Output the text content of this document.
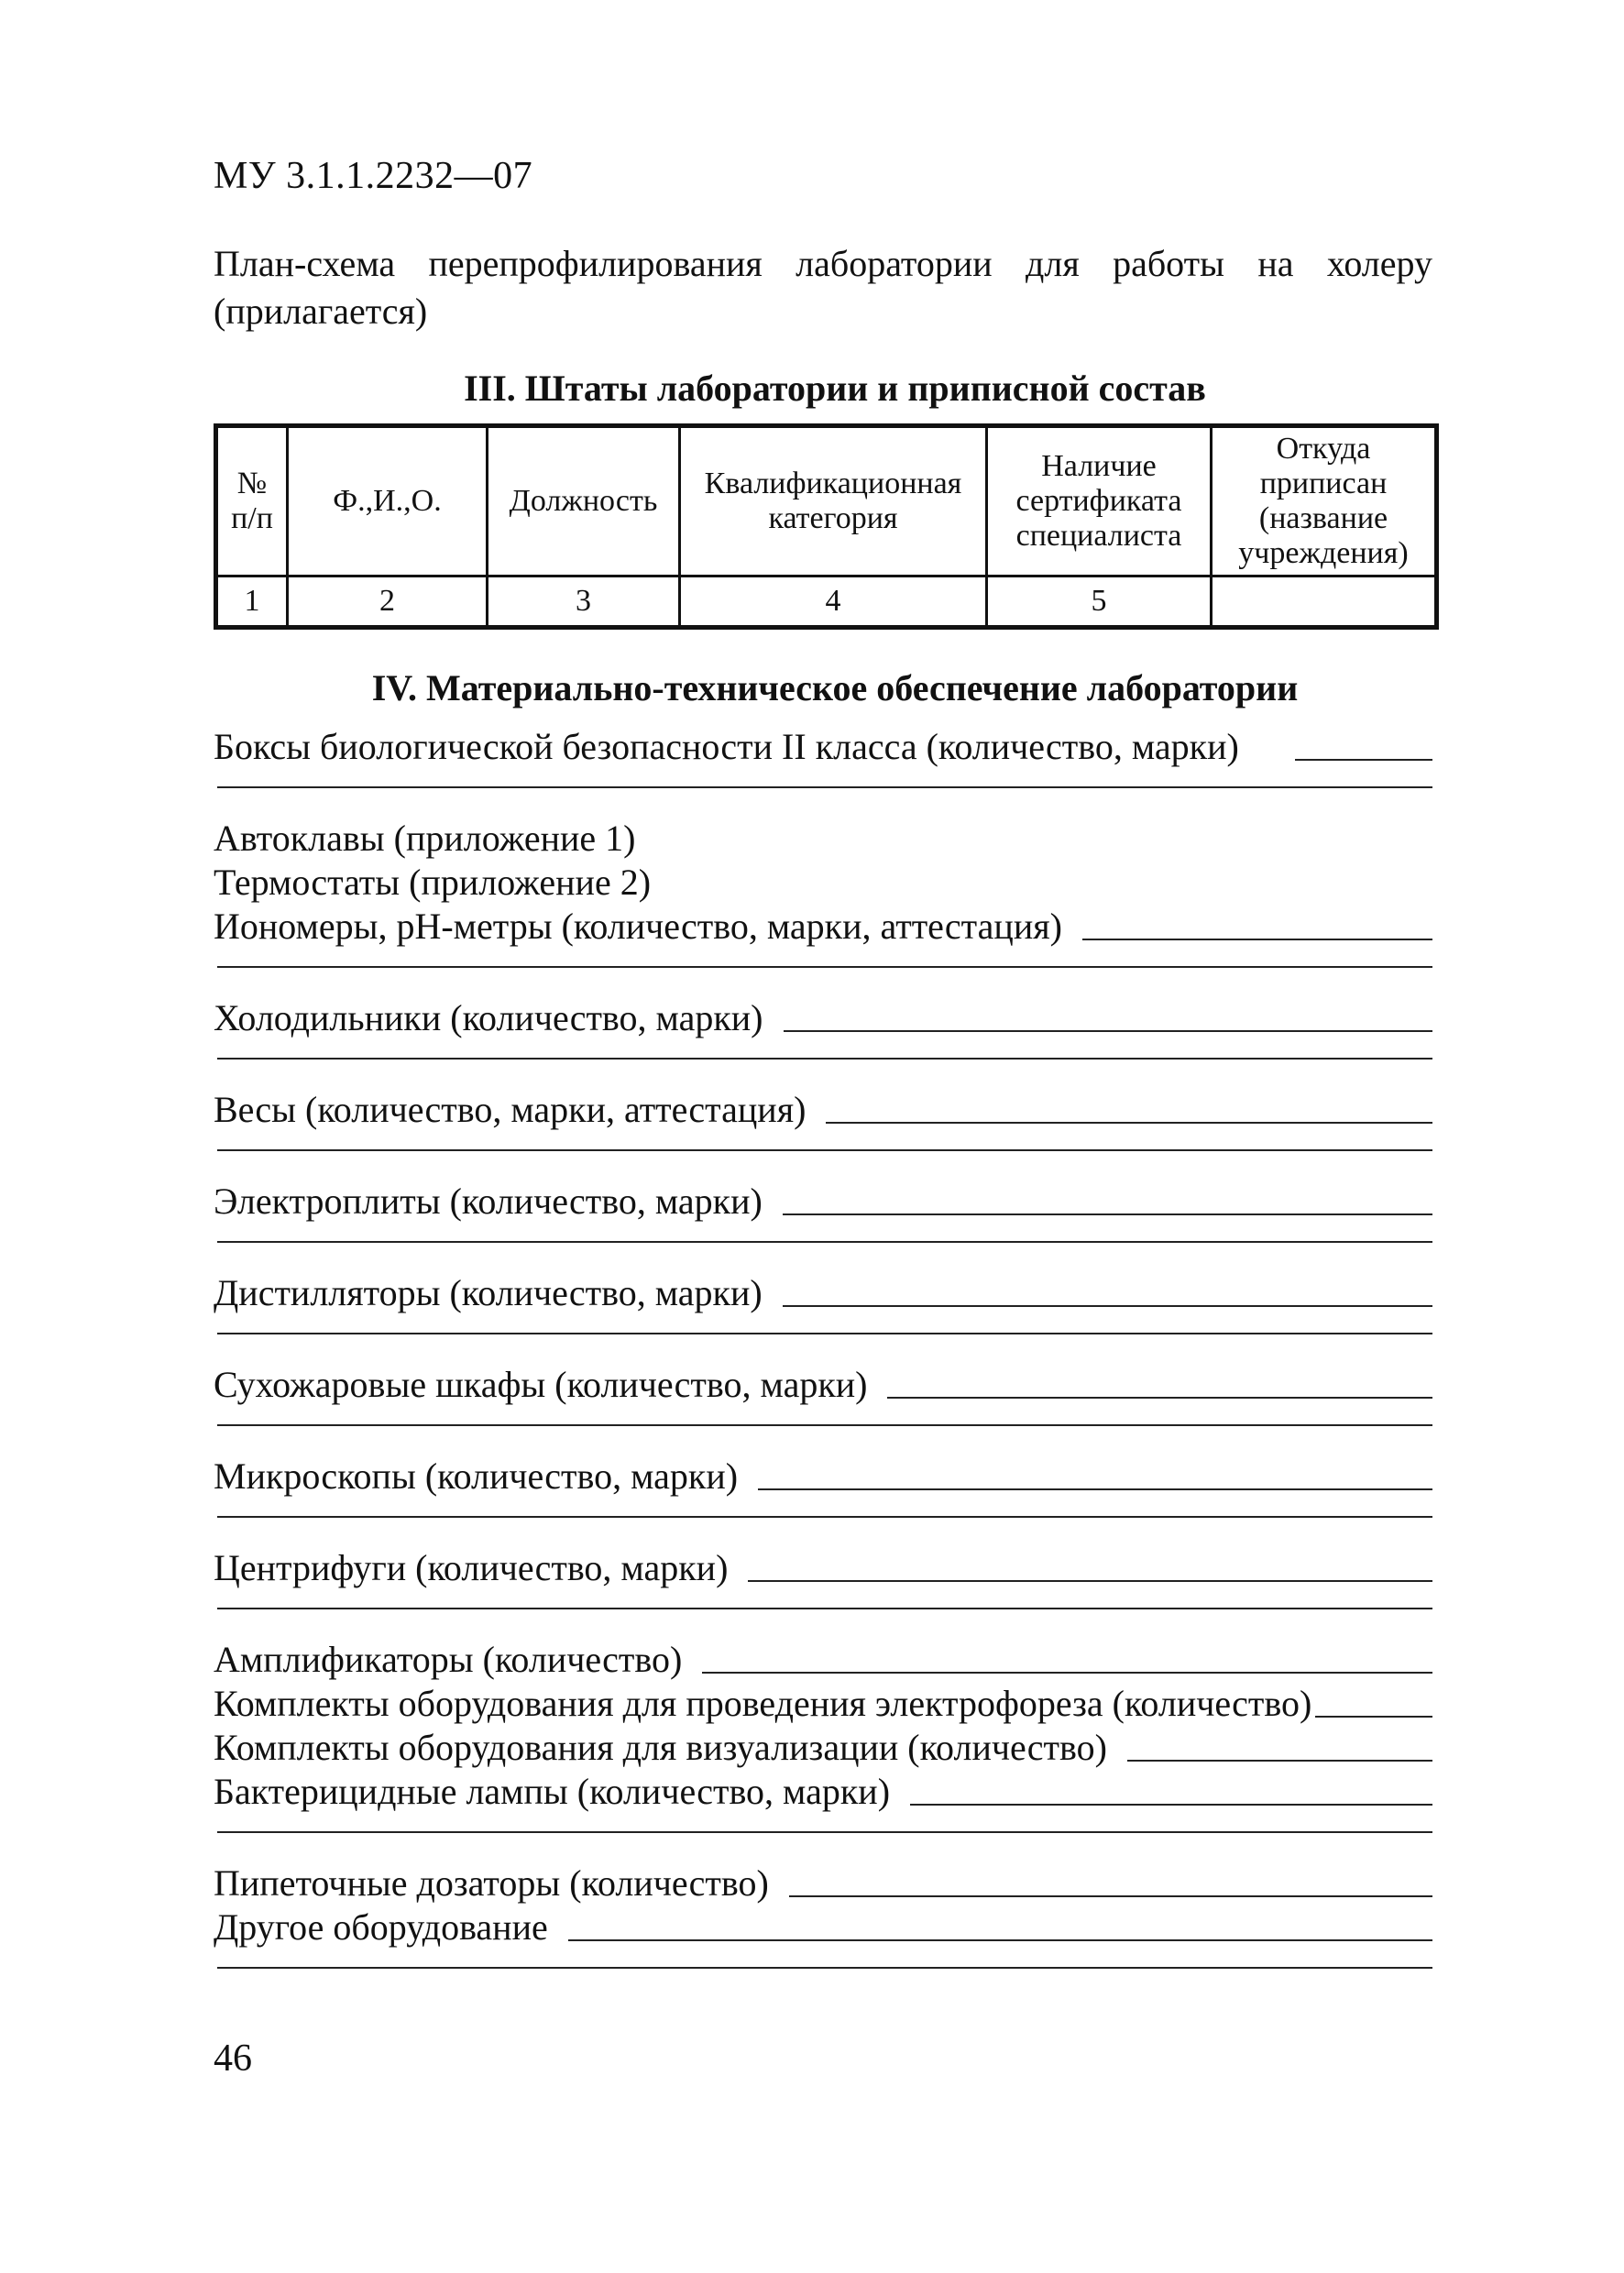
МУ 3.1.1.2232—07
План-схема перепрофилирования лаборатории для работы на холеру (прилагается)
III. Штаты лаборатории и приписной состав
№ п/п	Ф.,И.,О.	Должность	Квалификационная категория	Наличие сертификата специалиста	Откуда приписан (название учреждения)
1	2	3	4	5	
IV. Материально-техническое обеспечение лаборатории
Боксы биологической безопасности II класса (количество, марки)
Автоклавы (приложение 1)
Термостаты (приложение 2)
Иономеры, рН-метры (количество, марки, аттестация)
Холодильники (количество, марки)
Весы (количество, марки, аттестация)
Электроплиты (количество, марки)
Дистилляторы (количество, марки)
Сухожаровые шкафы (количество, марки)
Микроскопы (количество, марки)
Центрифуги (количество, марки)
Амплификаторы (количество)
Комплекты оборудования для проведения электрофореза (количество)
Комплекты оборудования для визуализации (количество)
Бактерицидные лампы (количество, марки)
Пипеточные дозаторы (количество)
Другое оборудование
46
